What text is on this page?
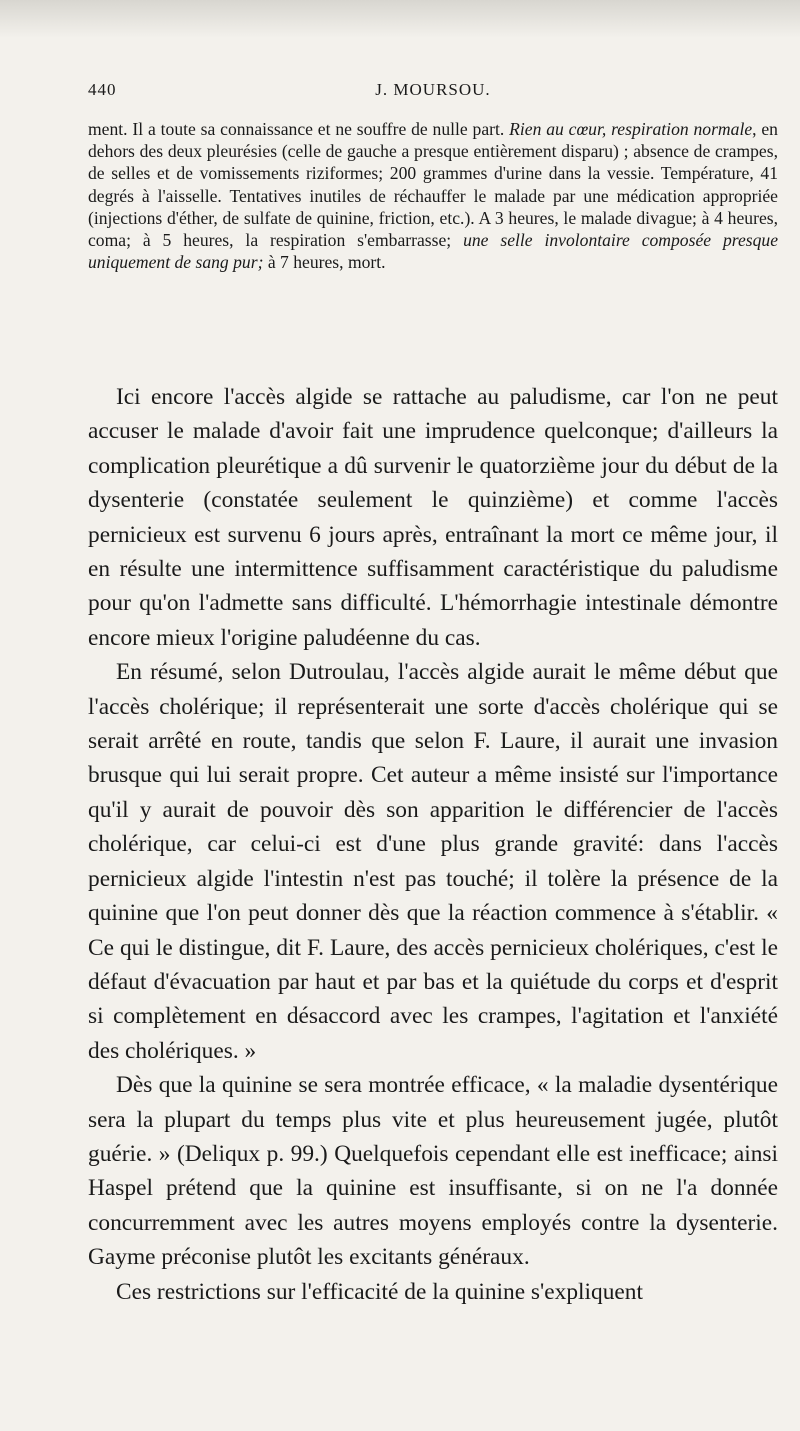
440	J. MOURSOU.

ment. Il a toute sa connaissance et ne souffre de nulle part. Rien au cœur, respiration normale, en dehors des deux pleurésies (celle de gauche a presque entièrement disparu) ; absence de crampes, de selles et de vomissements riziformes; 200 grammes d'urine dans la vessie. Température, 41 degrés à l'aisselle. Tentatives inutiles de réchauffer le malade par une médication appropriée (injections d'éther, de sulfate de quinine, friction, etc.). A 3 heures, le malade divague; à 4 heures, coma; à 5 heures, la respiration s'embarrasse; une selle involontaire composée presque uniquement de sang pur; à 7 heures, mort.

Ici encore l'accès algide se rattache au paludisme, car l'on ne peut accuser le malade d'avoir fait une imprudence quelconque; d'ailleurs la complication pleurétique a dû survenir le quatorzième jour du début de la dysenterie (constatée seulement le quinzième) et comme l'accès pernicieux est survenu 6 jours après, entraînant la mort ce même jour, il en résulte une intermittence suffisamment caractéristique du paludisme pour qu'on l'admette sans difficulté. L'hémorrhagie intestinale démontre encore mieux l'origine paludéenne du cas.

En résumé, selon Dutroulau, l'accès algide aurait le même début que l'accès cholérique; il représenterait une sorte d'accès cholérique qui se serait arrêté en route, tandis que selon F. Laure, il aurait une invasion brusque qui lui serait propre. Cet auteur a même insisté sur l'importance qu'il y aurait de pouvoir dès son apparition le différencier de l'accès cholérique, car celui-ci est d'une plus grande gravité: dans l'accès pernicieux algide l'intestin n'est pas touché; il tolère la présence de la quinine que l'on peut donner dès que la réaction commence à s'établir. « Ce qui le distingue, dit F. Laure, des accès pernicieux cholériques, c'est le défaut d'évacuation par haut et par bas et la quiétude du corps et d'esprit si complètement en désaccord avec les crampes, l'agitation et l'anxiété des cholériques. »

Dès que la quinine se sera montrée efficace, « la maladie dysentérique sera la plupart du temps plus vite et plus heureusement jugée, plutôt guérie. » (Deliqux p. 99.) Quelquefois cependant elle est inefficace; ainsi Haspel prétend que la quinine est insuffisante, si on ne l'a donnée concurremment avec les autres moyens employés contre la dysenterie. Gayme préconise plutôt les excitants généraux.

Ces restrictions sur l'efficacité de la quinine s'expliquent
